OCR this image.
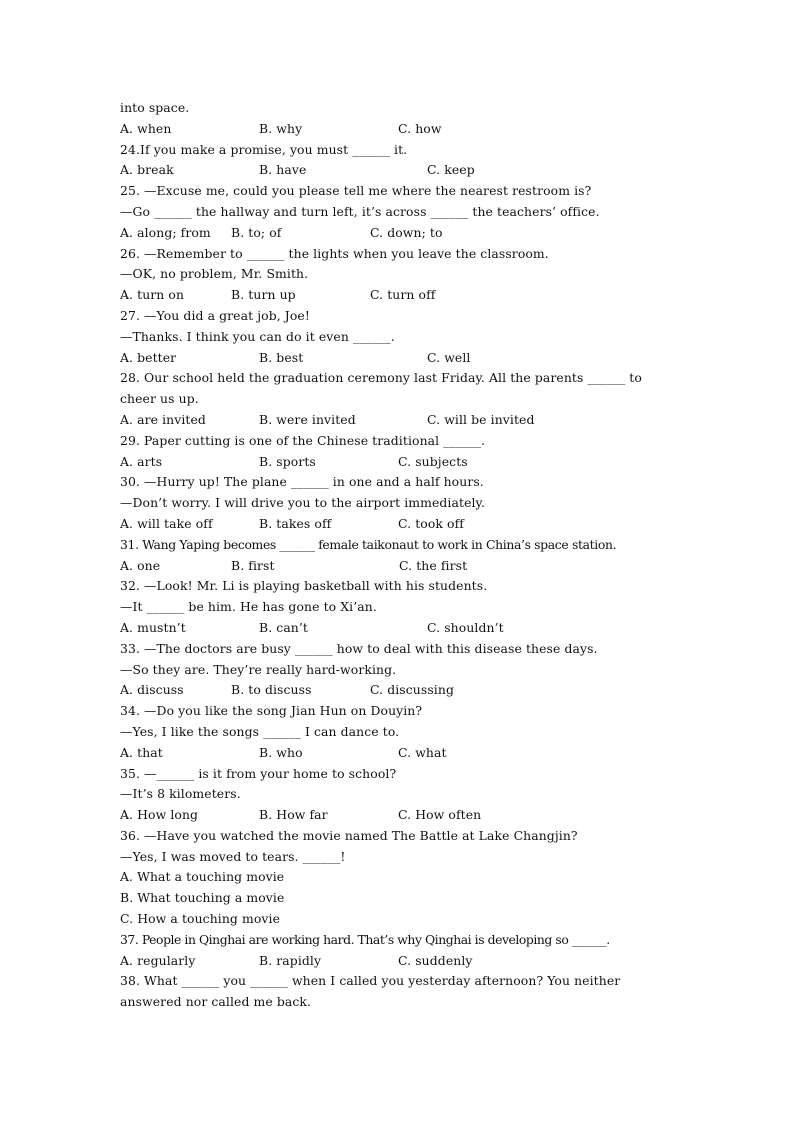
into space.
A. when	B. why	C. how
24.If you make a promise, you must ______ it.
A. break	B. have	C. keep
25. —Excuse me, could you please tell me where the nearest restroom is?
—Go ______ the hallway and turn left, it’s across ______ the teachers’ office.
A. along; from	B. to; of	C. down; to
26. —Remember to ______ the lights when you leave the classroom.
—OK, no problem, Mr. Smith.
A. turn on	B. turn up	C. turn off
27. —You did a great job, Joe!
—Thanks. I think you can do it even ______.
A. better	B. best	C. well
28. Our school held the graduation ceremony last Friday. All the parents ______ to
cheer us up.
A. are invited	B. were invited	C. will be invited
29. Paper cutting is one of the Chinese traditional ______.
A. arts	B. sports	C. subjects
30. —Hurry up! The plane ______ in one and a half hours.
—Don’t worry. I will drive you to the airport immediately.
A. will take off	B. takes off	C. took off
31. Wang Yaping becomes ______ female taikonaut to work in China’s space station.
A. one	B. first	C. the first
32. —Look! Mr. Li is playing basketball with his students.
—It ______ be him. He has gone to Xi’an.
A. mustn’t	B. can’t	C. shouldn’t
33. —The doctors are busy ______ how to deal with this disease these days.
—So they are. They’re really hard-working.
A. discuss	B. to discuss	C. discussing
34. —Do you like the song Jian Hun on Douyin?
—Yes, I like the songs ______ I can dance to.
A. that	B. who	C. what
35. —______ is it from your home to school?
—It’s 8 kilometers.
A. How long	B. How far	C. How often
36. —Have you watched the movie named The Battle at Lake Changjin?
—Yes, I was moved to tears. ______!
A. What a touching movie
B. What touching a movie
C. How a touching movie
37. People in Qinghai are working hard. That’s why Qinghai is developing so ______.
A. regularly	B. rapidly	C. suddenly
38. What ______ you ______ when I called you yesterday afternoon? You neither
answered nor called me back.
